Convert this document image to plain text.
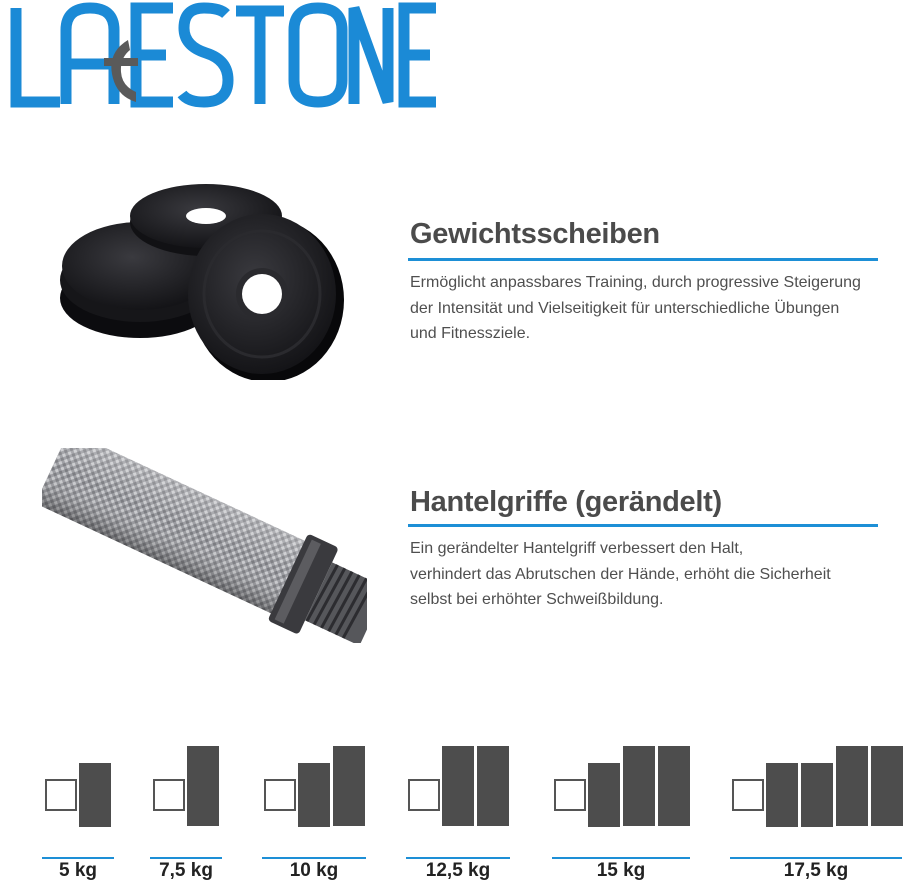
Gewichtsscheiben

Ermöglicht anpassbares Training, durch progressive Steigerung

der Intensität und Vielseitigkeit für unterschiedliche Übungen

und Fitnessziele.

Hantelgriffe (gerändelt)

Ein gerändelter Hantelgriff verbessert den Halt,

verhindert das Abrutschen der Hände, erhöht die Sicherheit

selbst bei erhöhter Schweißbildung.

5 kg	7,5 kg	10 kg	12,5 kg	15 kg	17,5 kg
